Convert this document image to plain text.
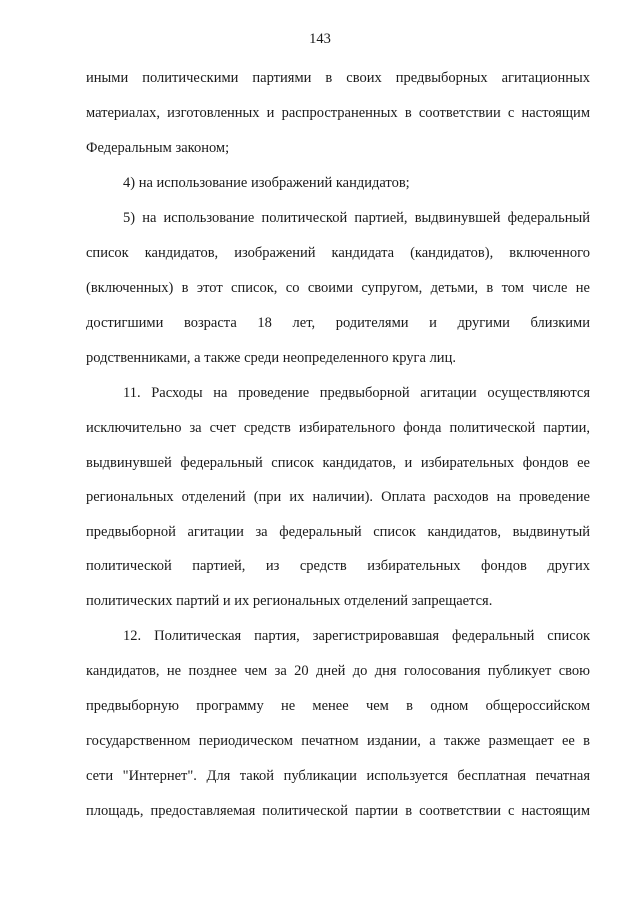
143
иными политическими партиями в своих предвыборных агитационных
материалах, изготовленных и распространенных в соответствии с настоящим
Федеральным законом;
4) на использование изображений кандидатов;
5) на использование политической партией, выдвинувшей федеральный
список кандидатов, изображений кандидата (кандидатов), включенного
(включенных) в этот список, со своими супругом, детьми, в том числе не
достигшими возраста 18 лет, родителями и другими близкими
родственниками, а также среди неопределенного круга лиц.
11. Расходы на проведение предвыборной агитации осуществляются
исключительно за счет средств избирательного фонда политической партии,
выдвинувшей федеральный список кандидатов, и избирательных фондов ее
региональных отделений (при их наличии). Оплата расходов на проведение
предвыборной агитации за федеральный список кандидатов, выдвинутый
политической партией, из средств избирательных фондов других
политических партий и их региональных отделений запрещается.
12. Политическая партия, зарегистрировавшая федеральный список
кандидатов, не позднее чем за 20 дней до дня голосования публикует свою
предвыборную программу не менее чем в одном общероссийском
государственном периодическом печатном издании, а также размещает ее в
сети "Интернет". Для такой публикации используется бесплатная печатная
площадь, предоставляемая политической партии в соответствии с настоящим
